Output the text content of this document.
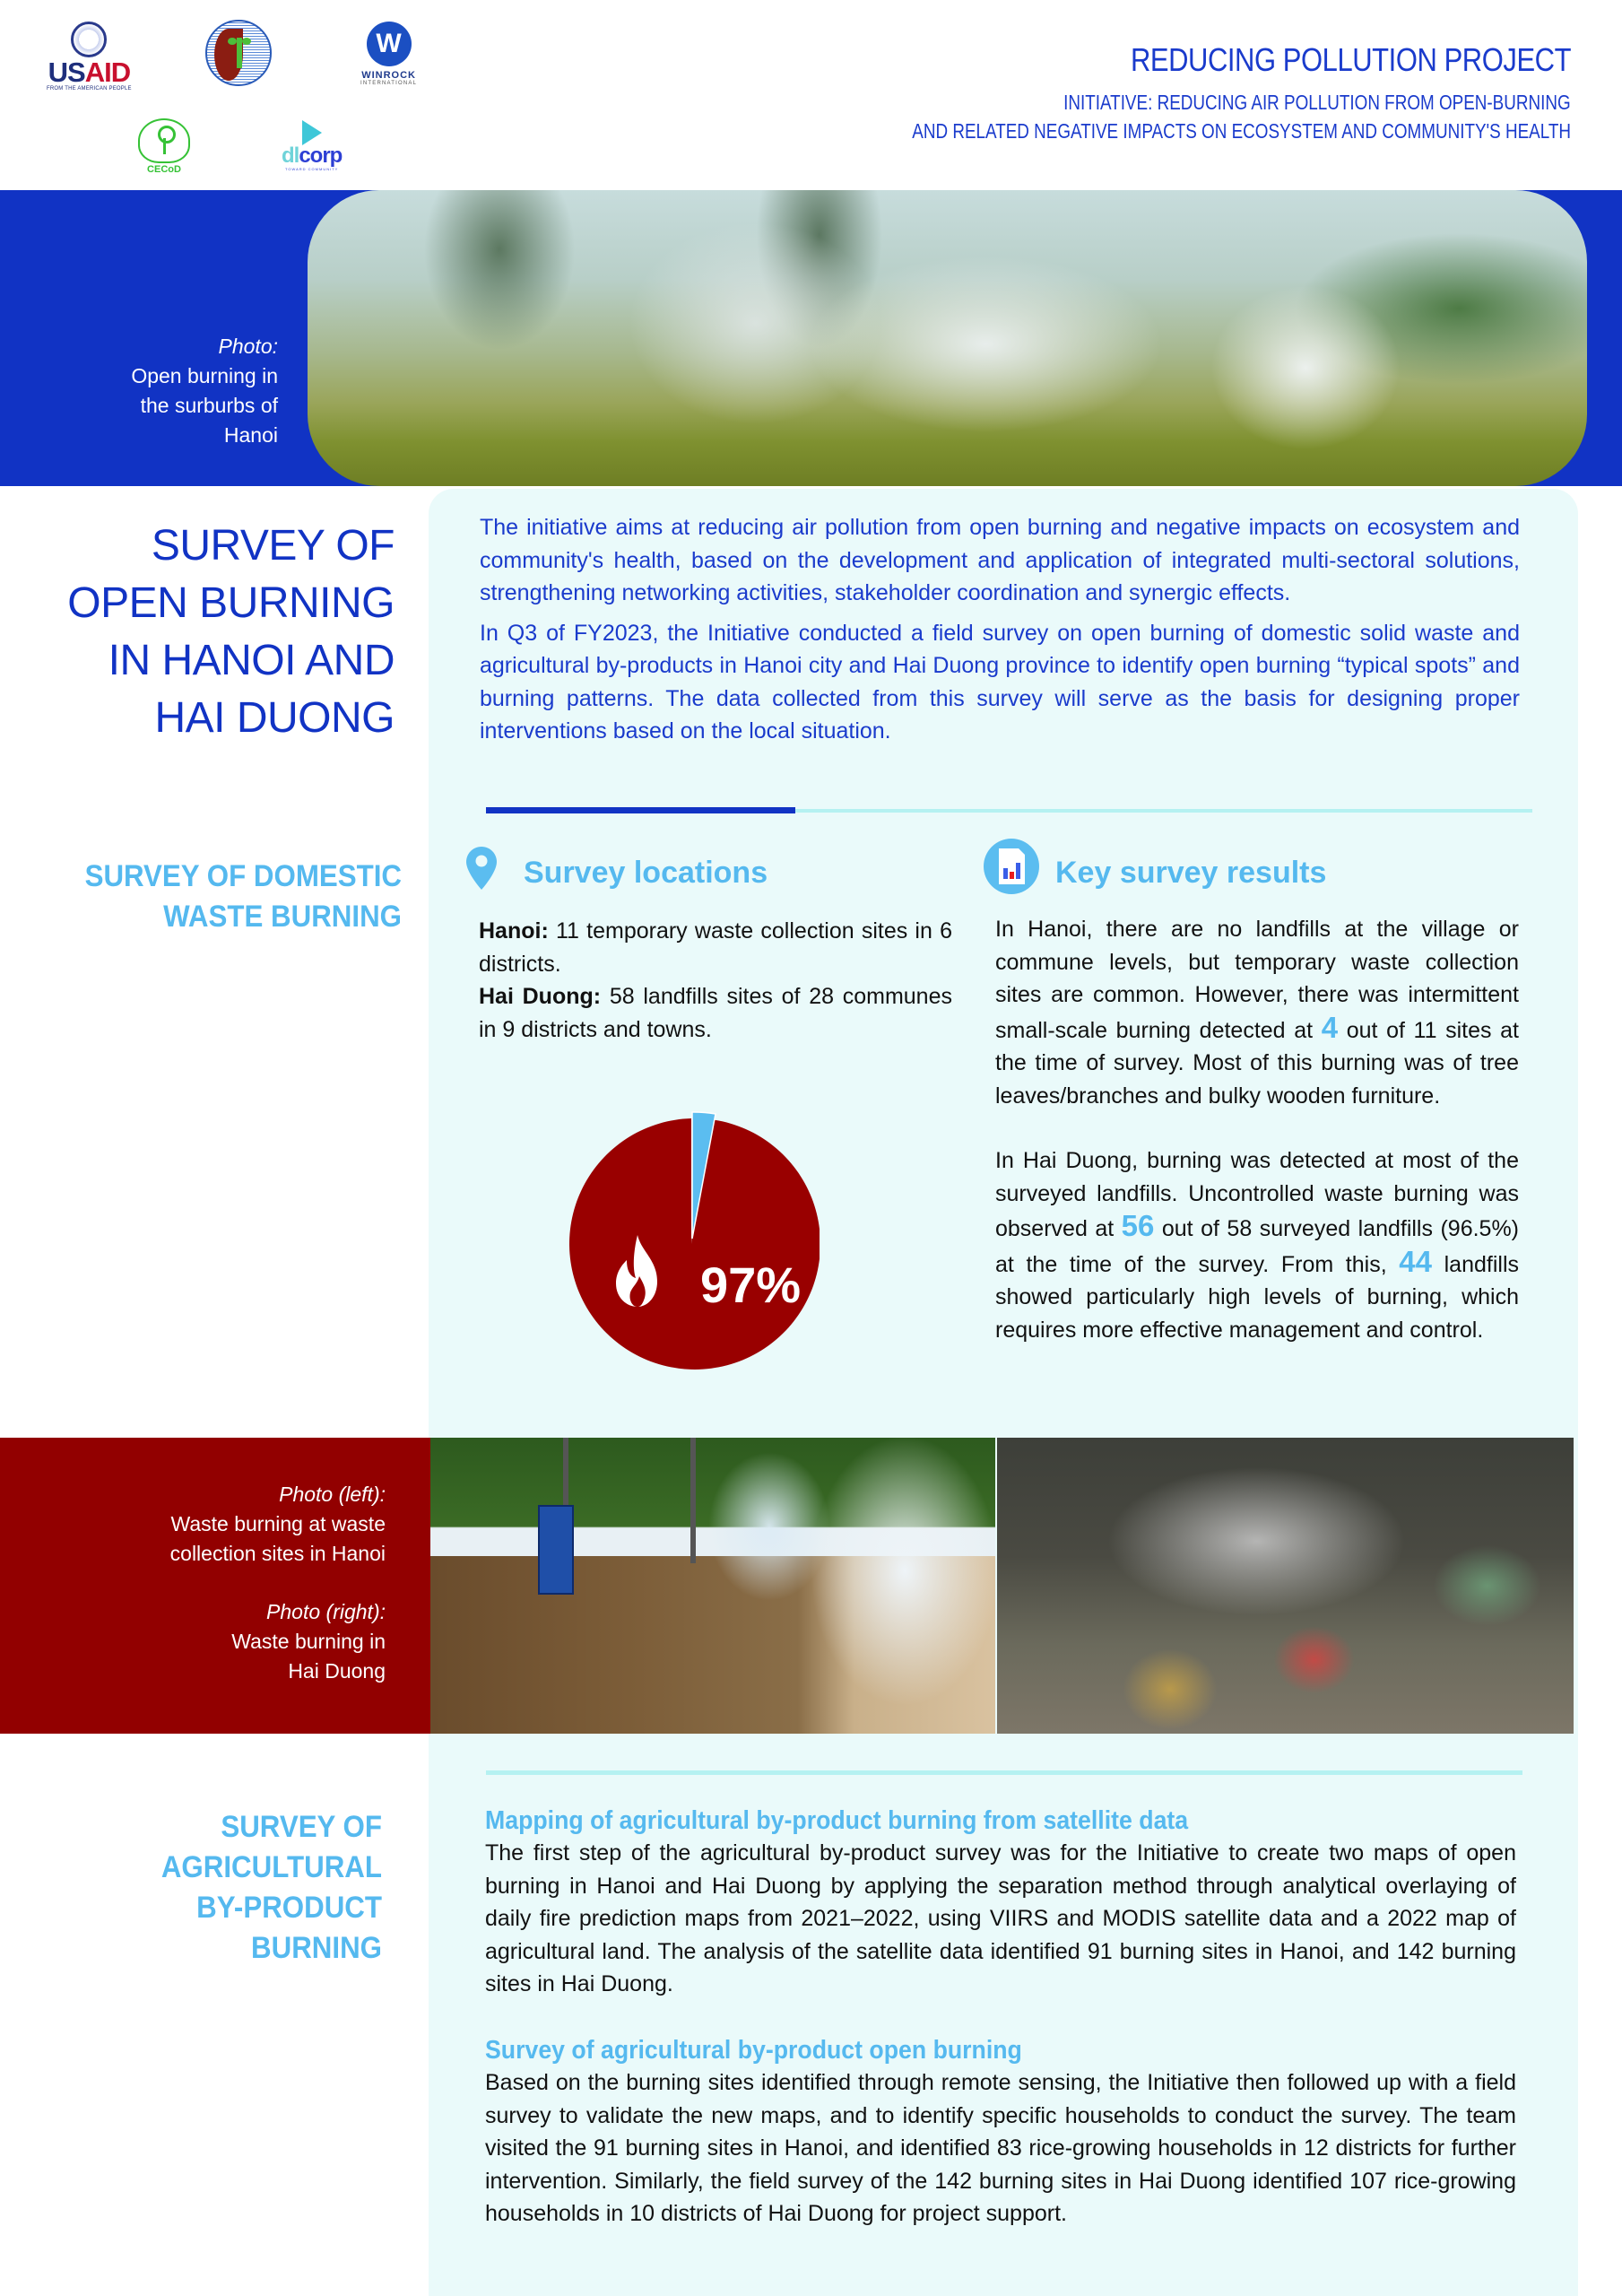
USAID
FROM THE AMERICAN PEOPLE
W
WINROCK
INTERNATIONAL
CECoD
dlcorp
TOWARD COMMUNITY
REDUCING POLLUTION PROJECT
INITIATIVE: REDUCING AIR POLLUTION FROM OPEN-BURNING
AND RELATED NEGATIVE IMPACTS ON ECOSYSTEM AND COMMUNITY'S HEALTH
Photo:
Open burning in
the surburbs of
Hanoi
SURVEY OF
OPEN BURNING
IN HANOI AND
HAI DUONG

The initiative aims at reducing air pollution from open burning and negative impacts on ecosystem and community's health, based on the development and application of integrated multi-sectoral solutions, strengthening networking activities, stakeholder coordination and synergic effects.

In Q3 of FY2023, the Initiative conducted a field survey on open burning of domestic solid waste and agricultural by-products in Hanoi city and Hai Duong province to identify open burning “typical spots” and burning patterns. The data collected from this survey will serve as the basis for designing proper interventions based on the local situation.

SURVEY OF DOMESTIC
WASTE BURNING
Survey locations
Hanoi: 11 temporary waste collection sites in 6 districts.
Hai Duong: 58 landfills sites of 28 communes in 9 districts and towns.
97%
Key survey results

In Hanoi, there are no landfills at the village or commune levels, but temporary waste collection sites are common. However, there was intermittent small-scale burning detected at 4 out of 11 sites at the time of survey. Most of this burning was of tree leaves/branches and bulky wooden furniture.

In Hai Duong, burning was detected at most of the surveyed landfills. Uncontrolled waste burning was observed at 56 out of 58 surveyed landfills (96.5%) at the time of the survey. From this, 44 landfills showed particularly high levels of burning, which requires more effective management and control.

Photo (left):
Waste burning at waste
collection sites in Hanoi
Photo (right):
Waste burning in
Hai Duong
SURVEY OF
AGRICULTURAL
BY-PRODUCT
BURNING
Mapping of agricultural by-product burning from satellite data
The first step of the agricultural by-product survey was for the Initiative to create two maps of open burning in Hanoi and Hai Duong by applying the separation method through analytical overlaying of daily fire prediction maps from 2021–2022, using VIIRS and MODIS satellite data and a 2022 map of agricultural land. The analysis of the satellite data identified 91 burning sites in Hanoi, and 142 burning sites in Hai Duong.
Survey of agricultural by-product open burning
Based on the burning sites identified through remote sensing, the Initiative then followed up with a field survey to validate the new maps, and to identify specific households to conduct the survey. The team visited the 91 burning sites in Hanoi, and identified 83 rice-growing households in 12 districts for further intervention. Similarly, the field survey of the 142 burning sites in Hai Duong identified 107 rice-growing households in 10 districts of Hai Duong for project support.
